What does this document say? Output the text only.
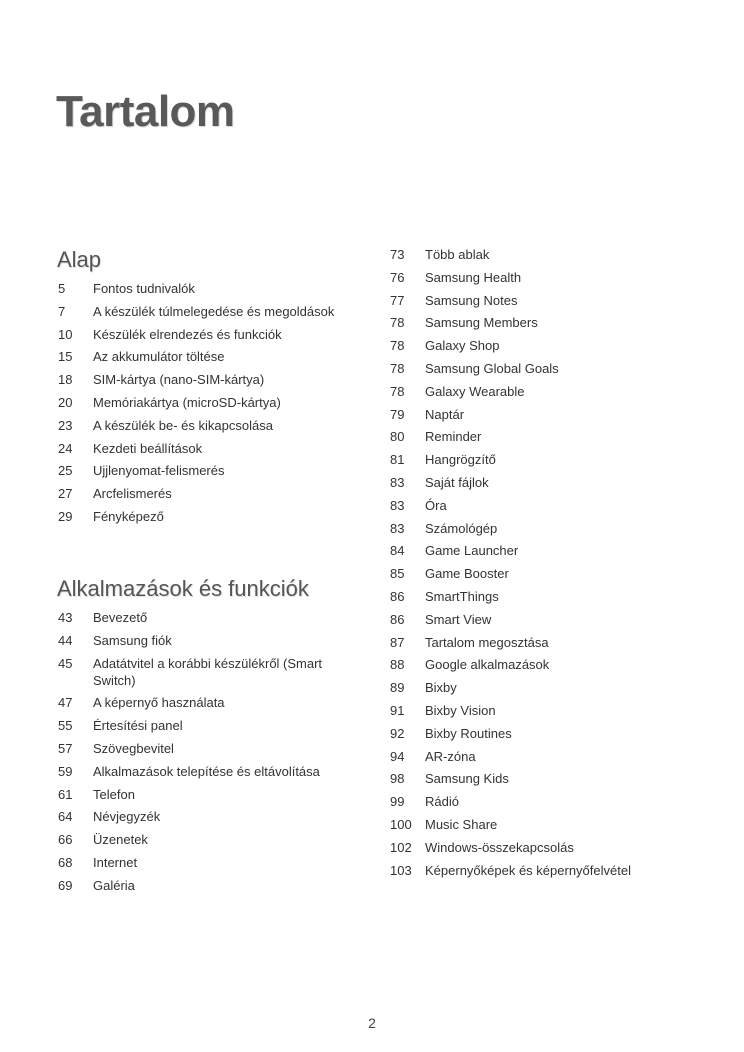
Tartalom
Alap
5	Fontos tudnivalók
7	A készülék túlmelegedése és megoldások
10	Készülék elrendezés és funkciók
15	Az akkumulátor töltése
18	SIM-kártya (nano-SIM-kártya)
20	Memóriakártya (microSD-kártya)
23	A készülék be- és kikapcsolása
24	Kezdeti beállítások
25	Ujjlenyomat-felismerés
27	Arcfelismerés
29	Fényképező
Alkalmazások és funkciók
43	Bevezető
44	Samsung fiók
45	Adatátvitel a korábbi készülékről (Smart Switch)
47	A képernyő használata
55	Értesítési panel
57	Szövegbevitel
59	Alkalmazások telepítése és eltávolítása
61	Telefon
64	Névjegyzék
66	Üzenetek
68	Internet
69	Galéria
73	Több ablak
76	Samsung Health
77	Samsung Notes
78	Samsung Members
78	Galaxy Shop
78	Samsung Global Goals
78	Galaxy Wearable
79	Naptár
80	Reminder
81	Hangrögzítő
83	Saját fájlok
83	Óra
83	Számológép
84	Game Launcher
85	Game Booster
86	SmartThings
86	Smart View
87	Tartalom megosztása
88	Google alkalmazások
89	Bixby
91	Bixby Vision
92	Bixby Routines
94	AR-zóna
98	Samsung Kids
99	Rádió
100	Music Share
102	Windows-összekapcsolás
103	Képernyőképek és képernyőfelvétel
2
